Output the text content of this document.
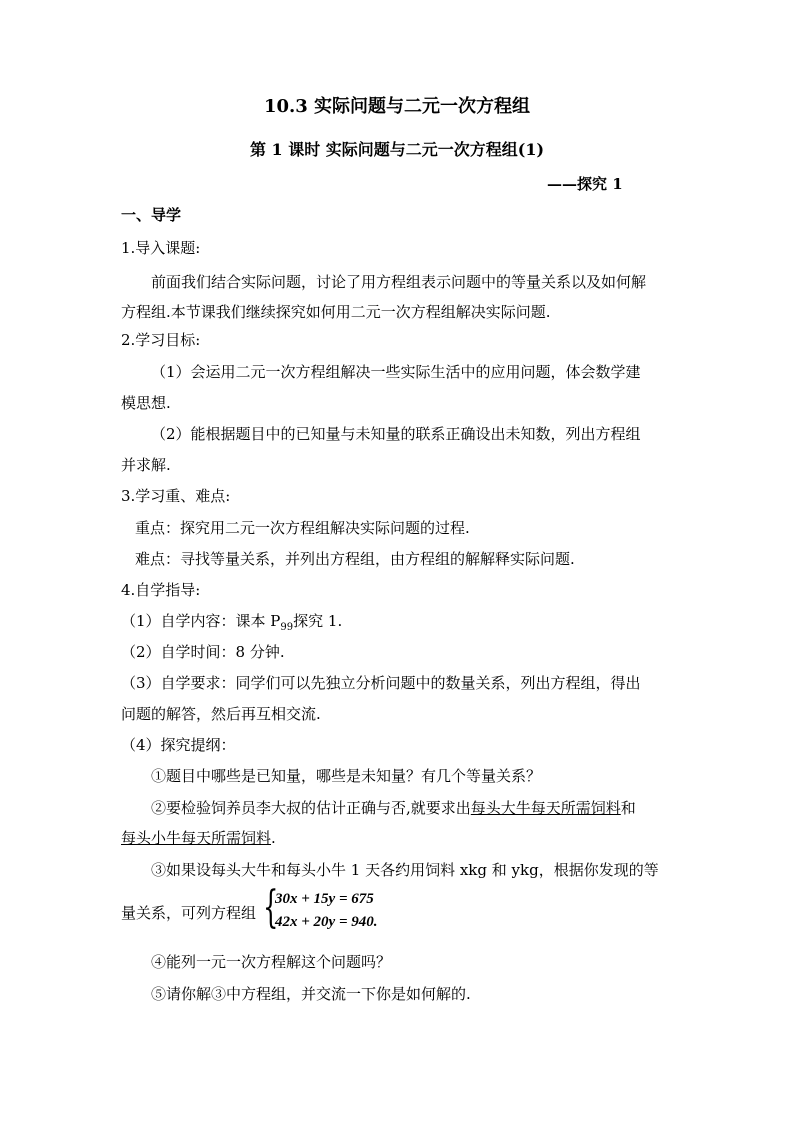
10.3 实际问题与二元一次方程组
第 1 课时 实际问题与二元一次方程组(1)
——探究 1
一、导学
1.导入课题:
前面我们结合实际问题，讨论了用方程组表示问题中的等量关系以及如何解
方程组.本节课我们继续探究如何用二元一次方程组解决实际问题.
2.学习目标:
（1）会运用二元一次方程组解决一些实际生活中的应用问题，体会数学建
模思想.
（2）能根据题目中的已知量与未知量的联系正确设出未知数，列出方程组
并求解.
3.学习重、难点:
重点：探究用二元一次方程组解决实际问题的过程.
难点：寻找等量关系，并列出方程组，由方程组的解解释实际问题.
4.自学指导:
（1）自学内容：课本 $P_{99}$探究 1.
（2）自学时间：8 分钟.
（3）自学要求：同学们可以先独立分析问题中的数量关系，列出方程组，得出
问题的解答，然后再互相交流.
（4）探究提纲：
①题目中哪些是已知量，哪些是未知量？有几个等量关系？
②要检验饲养员李大叔的估计正确与否,就要求出每头大牛每天所需饲料和
每头小牛每天所需饲料.
③如果设每头大牛和每头小牛 1 天各约用饲料 xkg 和 ykg，根据你发现的等
量关系，可列方程组 {
30x + 15y = 675
42x + 20y = 940.
④能列一元一次方程解这个问题吗？
⑤请你解③中方程组，并交流一下你是如何解的.
